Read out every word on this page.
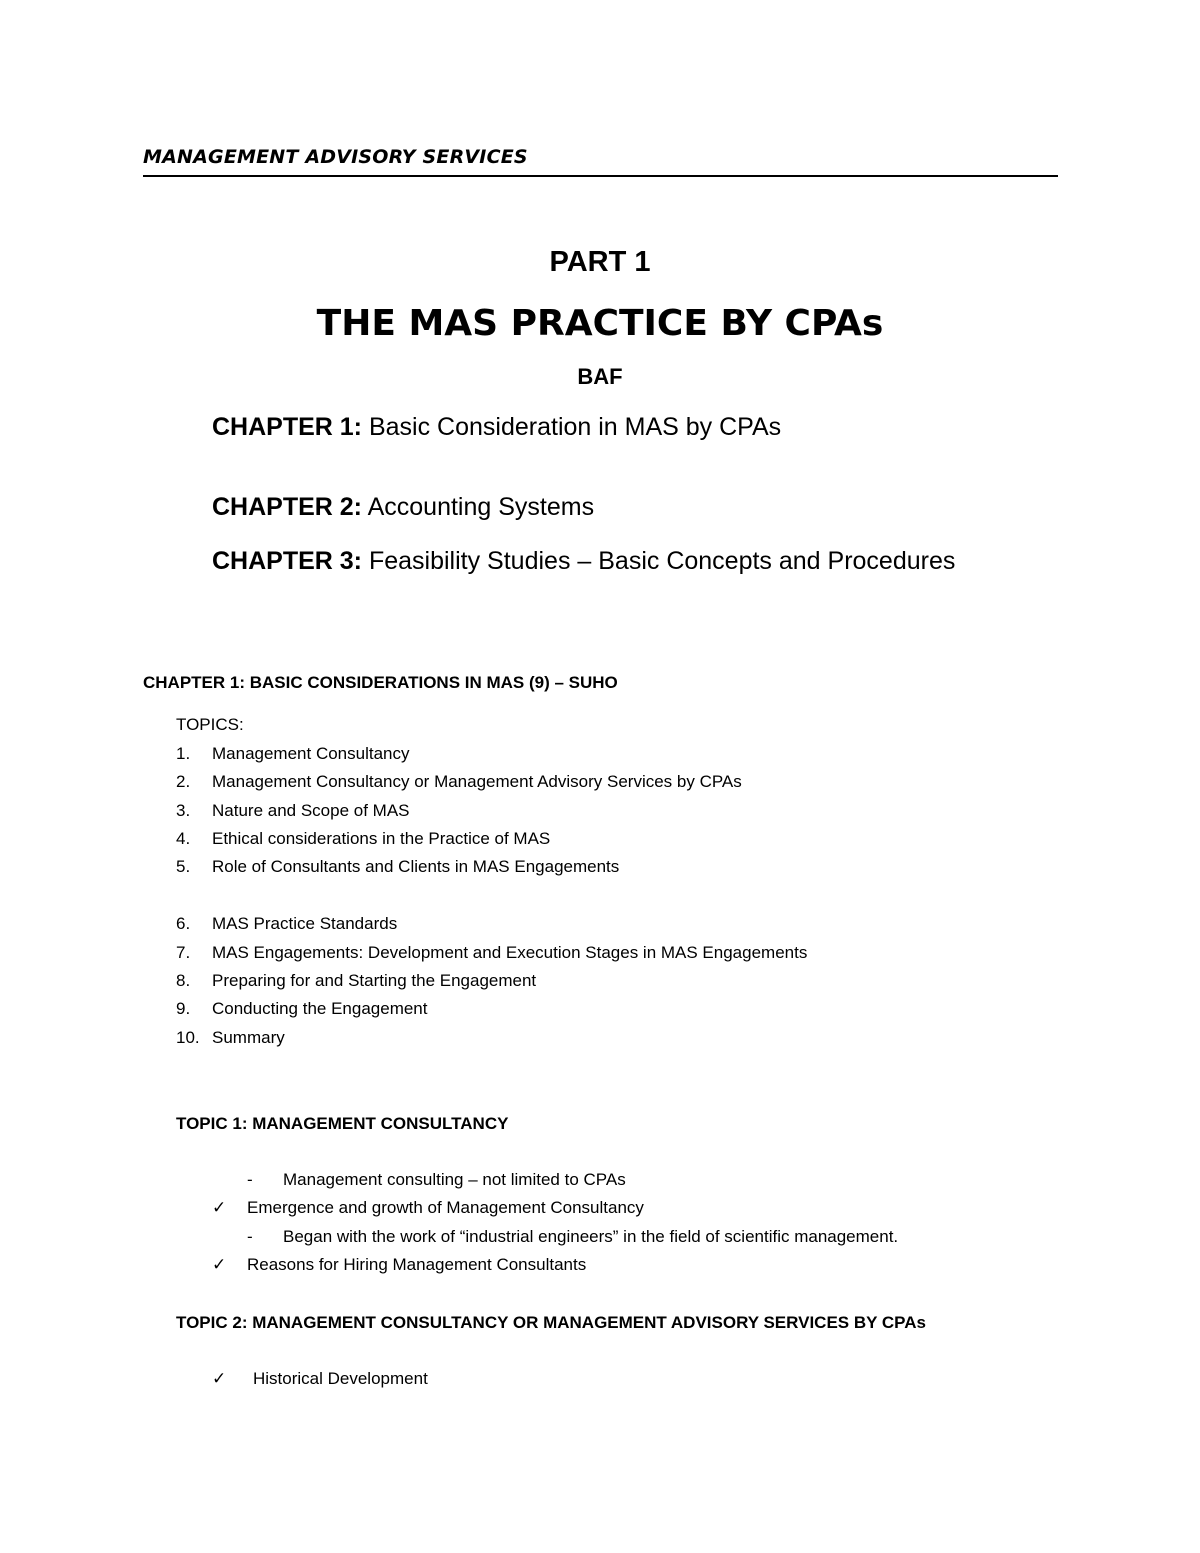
MANAGEMENT ADVISORY SERVICES
PART 1
THE MAS PRACTICE BY CPAs
BAF
CHAPTER 1: Basic Consideration in MAS by CPAs
CHAPTER 2: Accounting Systems
CHAPTER 3: Feasibility Studies – Basic Concepts and Procedures
CHAPTER 1: BASIC CONSIDERATIONS IN MAS (9) – SUHO
TOPICS:
1. Management Consultancy
2. Management Consultancy or Management Advisory Services by CPAs
3. Nature and Scope of MAS
4. Ethical considerations in the Practice of MAS
5. Role of Consultants and Clients in MAS Engagements
6. MAS Practice Standards
7. MAS Engagements: Development and Execution Stages in MAS Engagements
8. Preparing for and Starting the Engagement
9. Conducting the Engagement
10. Summary
TOPIC 1: MANAGEMENT CONSULTANCY
- Management consulting – not limited to CPAs
✓ Emergence and growth of Management Consultancy
- Began with the work of “industrial engineers” in the field of scientific management.
✓ Reasons for Hiring Management Consultants
TOPIC 2: MANAGEMENT CONSULTANCY OR MANAGEMENT ADVISORY SERVICES BY CPAs
✓ Historical Development
